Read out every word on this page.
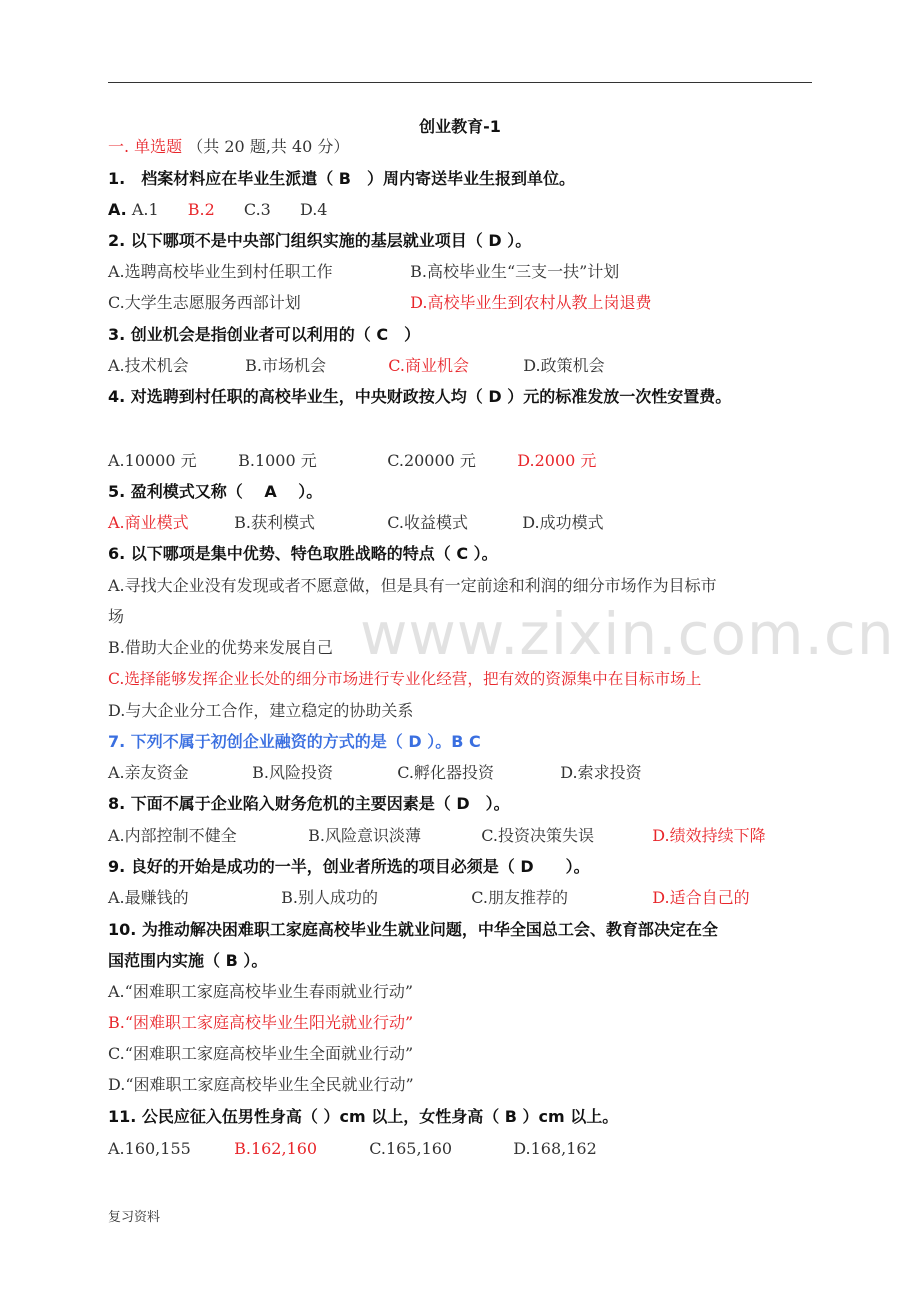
创业教育-1
一. 单选题 （共 20 题,共 40 分）
1.　档案材料应在毕业生派遣（ B　）周内寄送毕业生报到单位。
A. A.1 B.2 C.3 D.4
2. 以下哪项不是中央部门组织实施的基层就业项目（ D ）。
A.选聘高校毕业生到村任职工作	B.高校毕业生“三支一扶”计划
C.大学生志愿服务西部计划	D.高校毕业生到农村从教上岗退费
3. 创业机会是指创业者可以利用的（ C　）
A.技术机会	B.市场机会	C.商业机会	D.政策机会
4. 对选聘到村任职的高校毕业生，中央财政按人均（ D ）元的标准发放一次性安置费。
A.10000 元	B.1000 元	C.20000 元	D.2000 元
5. 盈利模式又称（　 A　 ）。
A.商业模式	B.获利模式	C.收益模式	D.成功模式
6. 以下哪项是集中优势、特色取胜战略的特点（ C ）。
A.寻找大企业没有发现或者不愿意做，但是具有一定前途和利润的细分市场作为目标市
场
B.借助大企业的优势来发展自己
C.选择能够发挥企业长处的细分市场进行专业化经营，把有效的资源集中在目标市场上
D.与大企业分工合作，建立稳定的协助关系
7. 下列不属于初创企业融资的方式的是（ D ）。B C
A.亲友资金	B.风险投资	C.孵化器投资	D.索求投资
8. 下面不属于企业陷入财务危机的主要因素是（ D　）。
A.内部控制不健全	B.风险意识淡薄	C.投资决策失误	D.绩效持续下降
9. 良好的开始是成功的一半，创业者所选的项目必须是（ D　　）。
A.最赚钱的	B.别人成功的	C.朋友推荐的	D.适合自己的
10. 为推动解决困难职工家庭高校毕业生就业问题，中华全国总工会、教育部决定在全
国范围内实施（ B ）。
A.“困难职工家庭高校毕业生春雨就业行动”
B.“困难职工家庭高校毕业生阳光就业行动”
C.“困难职工家庭高校毕业生全面就业行动”
D.“困难职工家庭高校毕业生全民就业行动”
11. 公民应征入伍男性身高（ ）cm 以上，女性身高（ B ）cm 以上。
A.160,155	B.162,160	C.165,160	D.168,162
www.zixin.com.cn
复习资料
